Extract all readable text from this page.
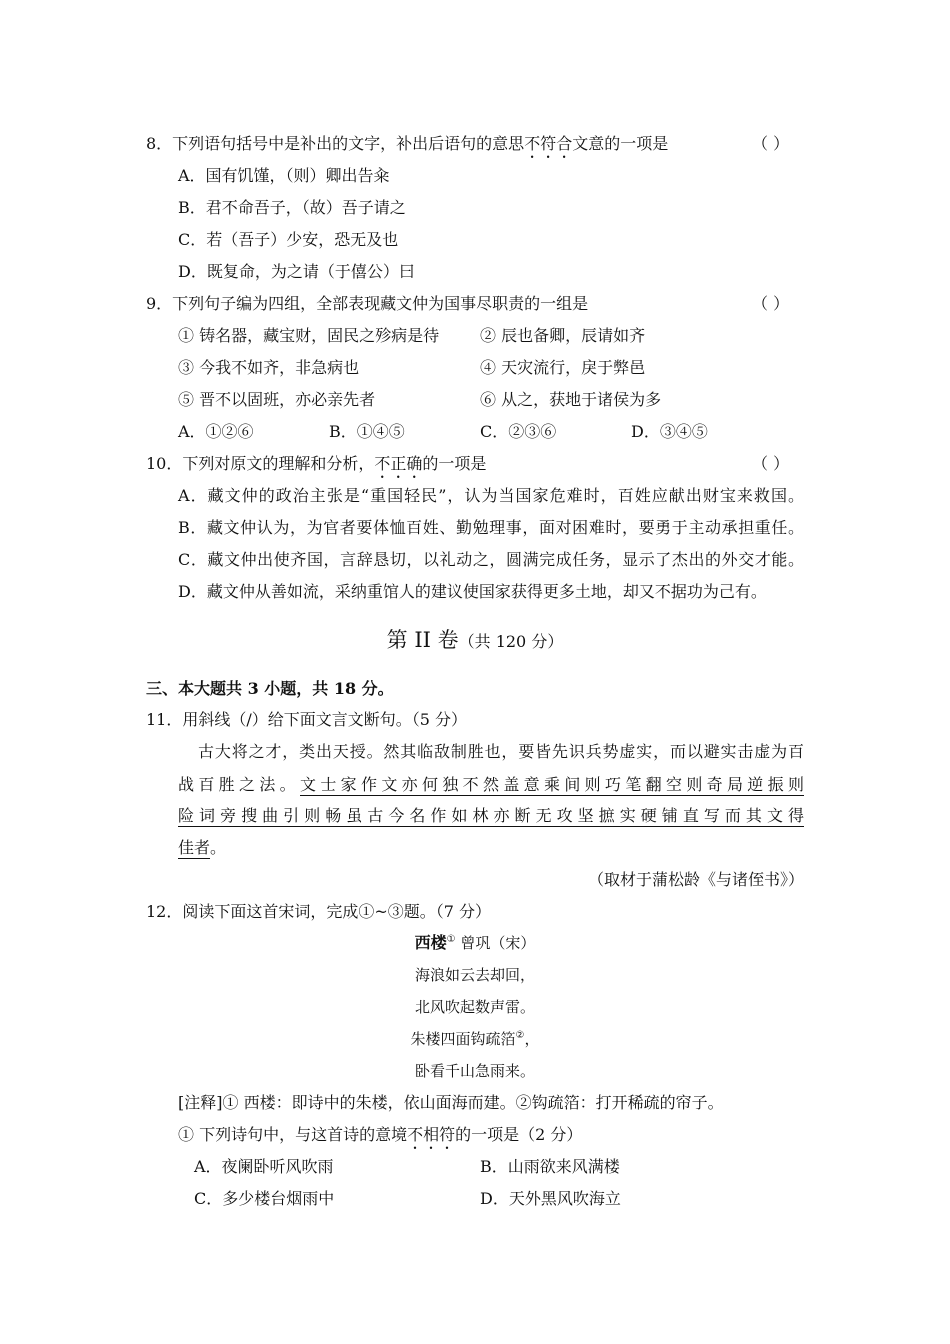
8．下列语句括号中是补出的文字，补出后语句的意思不符合文意的一项是	（ ）
A．国有饥馑，（则）卿出告籴
B．君不命吾子，（故）吾子请之
C．若（吾子）少安，恐无及也
D．既复命，为之请（于僖公）曰
9．下列句子编为四组，全部表现藏文仲为国事尽职责的一组是	（ ）
① 铸名器，藏宝财，固民之殄病是待	② 辰也备卿，辰请如齐
③ 今我不如齐，非急病也	④ 天灾流行，戾于弊邑
⑤ 晋不以固班，亦必亲先者	⑥ 从之，获地于诸侯为多
A．①②⑥	B．①④⑤	C．②③⑥	D．③④⑤
10．下列对原文的理解和分析，不正确的一项是	（ ）
A．藏文仲的政治主张是“重国轻民”，认为当国家危难时，百姓应献出财宝来救国。
B．藏文仲认为，为官者要体恤百姓、勤勉理事，面对困难时，要勇于主动承担重任。
C．藏文仲出使齐国，言辞恳切，以礼动之，圆满完成任务，显示了杰出的外交才能。
D．藏文仲从善如流，采纳重馆人的建议使国家获得更多土地，却又不据功为己有。
第 II 卷（共 120 分）
三、本大题共 3 小题，共 18 分。
11．用斜线（/）给下面文言文断句。（5 分）
古大将之才，类出天授。然其临敌制胜也，要皆先识兵势虚实，而以避实击虚为百
战百胜之法。文士家作文亦何独不然盖意乘间则巧笔翻空则奇局逆振则
险词旁搜曲引则畅虽古今名作如林亦断无攻坚摭实硬铺直写而其文得
佳者。
（取材于蒲松龄《与诸侄书》）
12．阅读下面这首宋词，完成①~③题。（7 分）
西楼① 曾巩（宋）
海浪如云去却回，
北风吹起数声雷。
朱楼四面钩疏箔②，
卧看千山急雨来。
[注释]① 西楼：即诗中的朱楼，依山面海而建。②钩疏箔：打开稀疏的帘子。
① 下列诗句中，与这首诗的意境不相符的一项是（2 分）
A．夜阑卧听风吹雨	B．山雨欲来风满楼
C．多少楼台烟雨中	D．天外黑风吹海立
